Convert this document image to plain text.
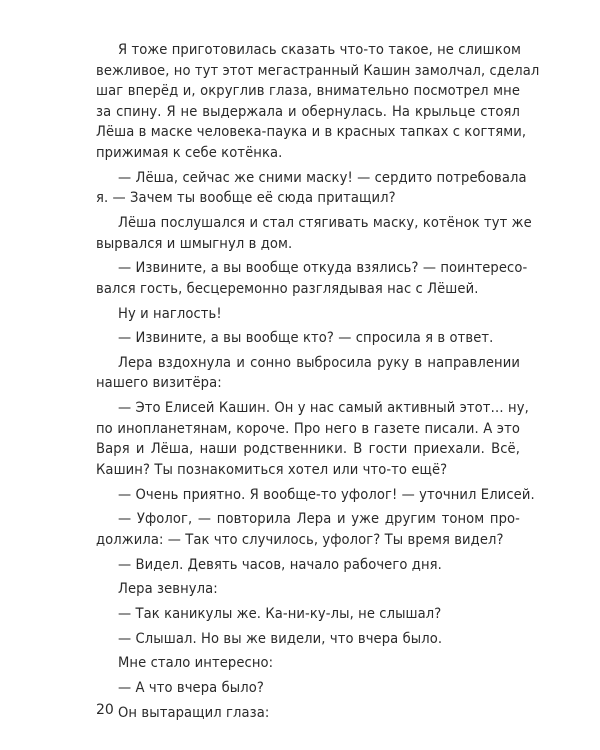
Я тоже приготовилась сказать что-то такое, не слишком
вежливое, но тут этот мегастранный Кашин замолчал, сделал
шаг вперёд и, округлив глаза, внимательно посмотрел мне
за спину. Я не выдержала и обернулась. На крыльце стоял
Лёша в маске человека-паука и в красных тапках с когтями,
прижимая к себе котёнка.
— Лёша, сейчас же сними маску! — сердито потребовала
я. — Зачем ты вообще её сюда притащил?
Лёша послушался и стал стягивать маску, котёнок тут же
вырвался и шмыгнул в дом.
— Извините, а вы вообще откуда взялись? — поинтересо-
вался гость, бесцеремонно разглядывая нас с Лёшей.
Ну и наглость!
— Извините, а вы вообще кто? — спросила я в ответ.
Лера вздохнула и сонно выбросила руку в направлении
нашего визитёра:
— Это Елисей Кашин. Он у нас самый активный этот… ну,
по инопланетянам, короче. Про него в газете писали. А это
Варя и Лёша, наши родственники. В гости приехали. Всё,
Кашин? Ты познакомиться хотел или что-то ещё?
— Очень приятно. Я вообще-то уфолог! — уточнил Елисей.
— Уфолог, — повторила Лера и уже другим тоном про-
должила: — Так что случилось, уфолог? Ты время видел?
— Видел. Девять часов, начало рабочего дня.
Лера зевнула:
— Так каникулы же. Ка-ни-ку-лы, не слышал?
— Слышал. Но вы же видели, что вчера было.
Мне стало интересно:
— А что вчера было?
Он вытаращил глаза:
20
